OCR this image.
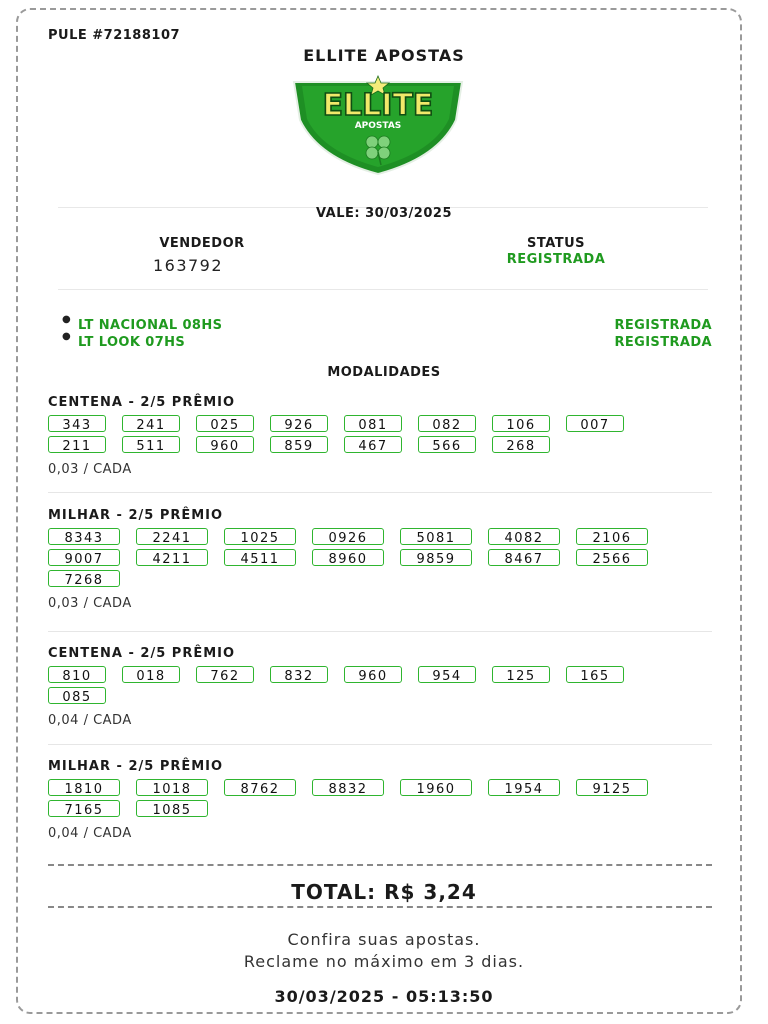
PULE #72188107
ELLITE APOSTAS
ELLITE
APOSTAS
VALE: 30/03/2025
VENDEDOR
163792
STATUS
REGISTRADA
● LT NACIONAL 08HS	REGISTRADA
● LT LOOK 07HS	REGISTRADA
MODALIDADES
CENTENA - 2/5 PRÊMIO
343	241	025	926	081	082	106	007
211	511	960	859	467	566	268
0,03 / CADA
MILHAR - 2/5 PRÊMIO
8343	2241	1025	0926	5081	4082	2106
9007	4211	4511	8960	9859	8467	2566
7268
0,03 / CADA
CENTENA - 2/5 PRÊMIO
810	018	762	832	960	954	125	165
085
0,04 / CADA
MILHAR - 2/5 PRÊMIO
1810	1018	8762	8832	1960	1954	9125
7165	1085
0,04 / CADA
TOTAL: R$ 3,24
Confira suas apostas.
Reclame no máximo em 3 dias.
30/03/2025 - 05:13:50
